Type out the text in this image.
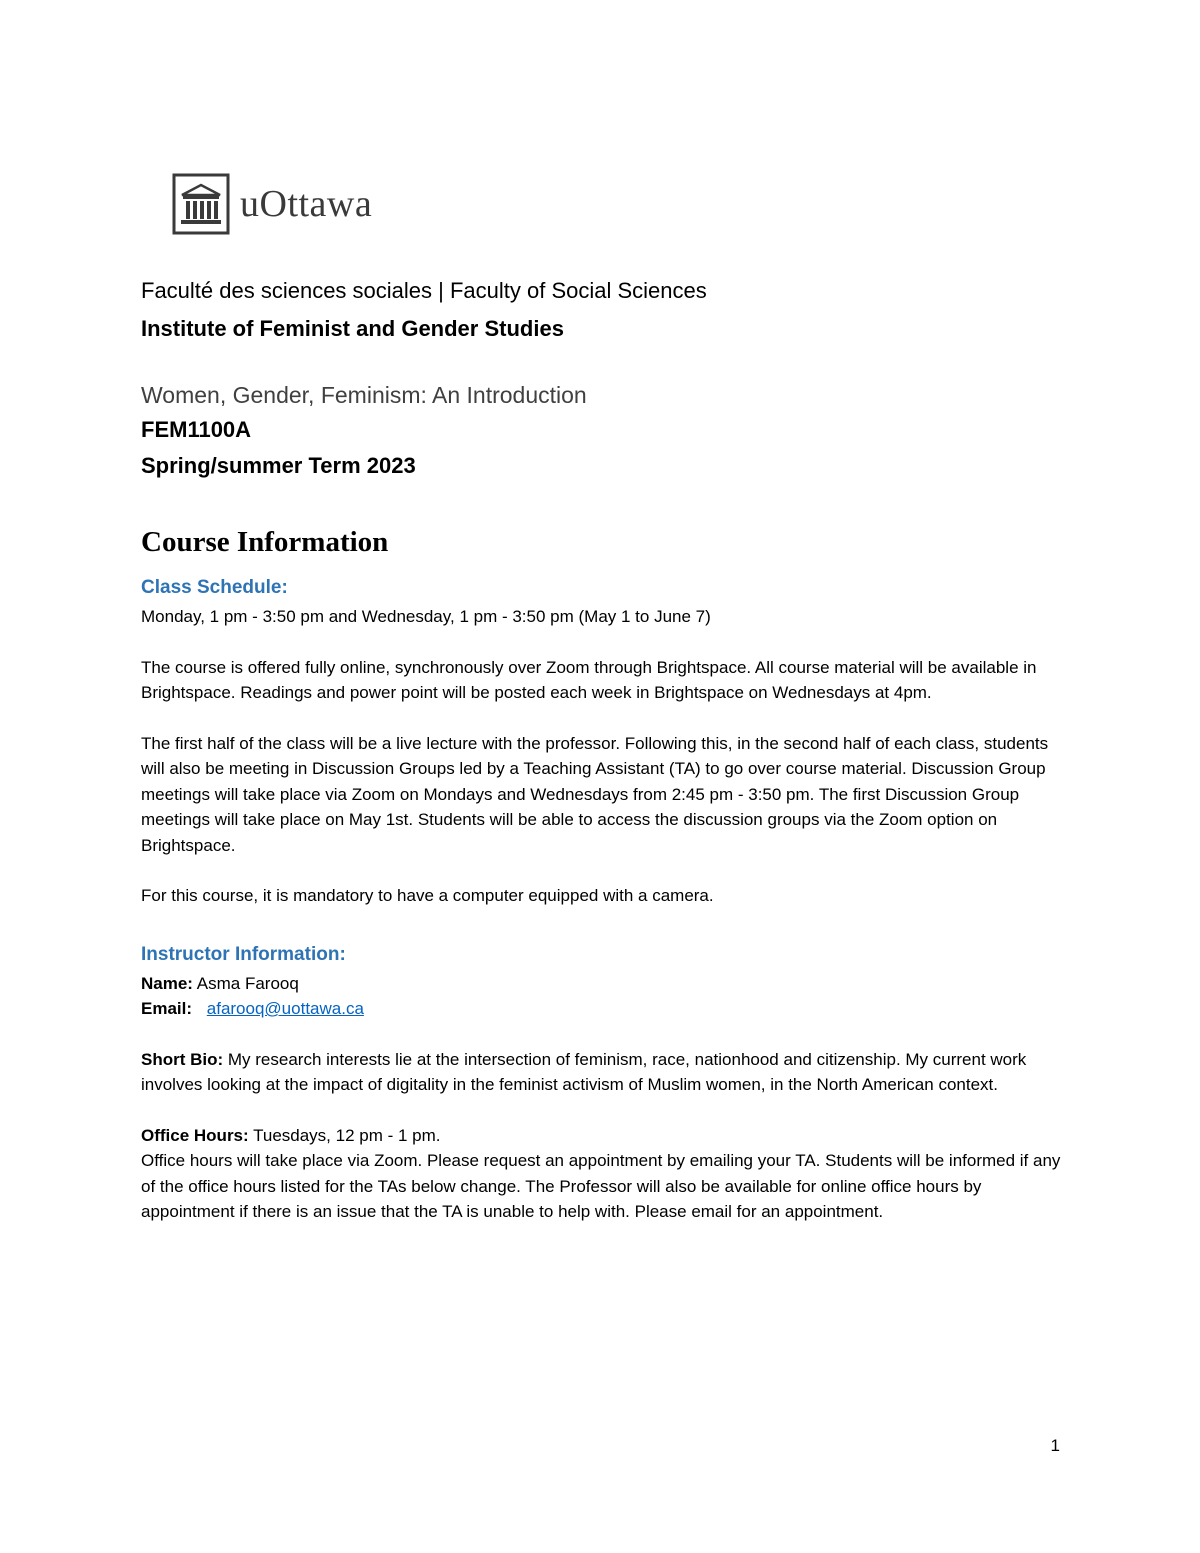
uOttawa

Faculté des sciences sociales | Faculty of Social Sciences

Institute of Feminist and Gender Studies

Women, Gender, Feminism: An Introduction

FEM1100A

Spring/summer Term 2023

Course Information
Class Schedule:

Monday, 1 pm - 3:50 pm and Wednesday, 1 pm - 3:50 pm (May 1 to June 7)

The course is offered fully online, synchronously over Zoom through Brightspace. All course material will be available in Brightspace. Readings and power point will be posted each week in Brightspace on Wednesdays at 4pm.

The first half of the class will be a live lecture with the professor. Following this, in the second half of each class, students will also be meeting in Discussion Groups led by a Teaching Assistant (TA) to go over course material. Discussion Group meetings will take place via Zoom on Mondays and Wednesdays from 2:45 pm - 3:50 pm. The first Discussion Group meetings will take place on May 1st. Students will be able to access the discussion groups via the Zoom option on Brightspace.

For this course, it is mandatory to have a computer equipped with a camera.

Instructor Information:

Name: Asma Farooq

Email: afarooq@uottawa.ca

Short Bio: My research interests lie at the intersection of feminism, race, nationhood and citizenship. My current work involves looking at the impact of digitality in the feminist activism of Muslim women, in the North American context.

Office Hours: Tuesdays, 12 pm - 1 pm.

Office hours will take place via Zoom. Please request an appointment by emailing your TA. Students will be informed if any of the office hours listed for the TAs below change. The Professor will also be available for online office hours by appointment if there is an issue that the TA is unable to help with. Please email for an appointment.

1
